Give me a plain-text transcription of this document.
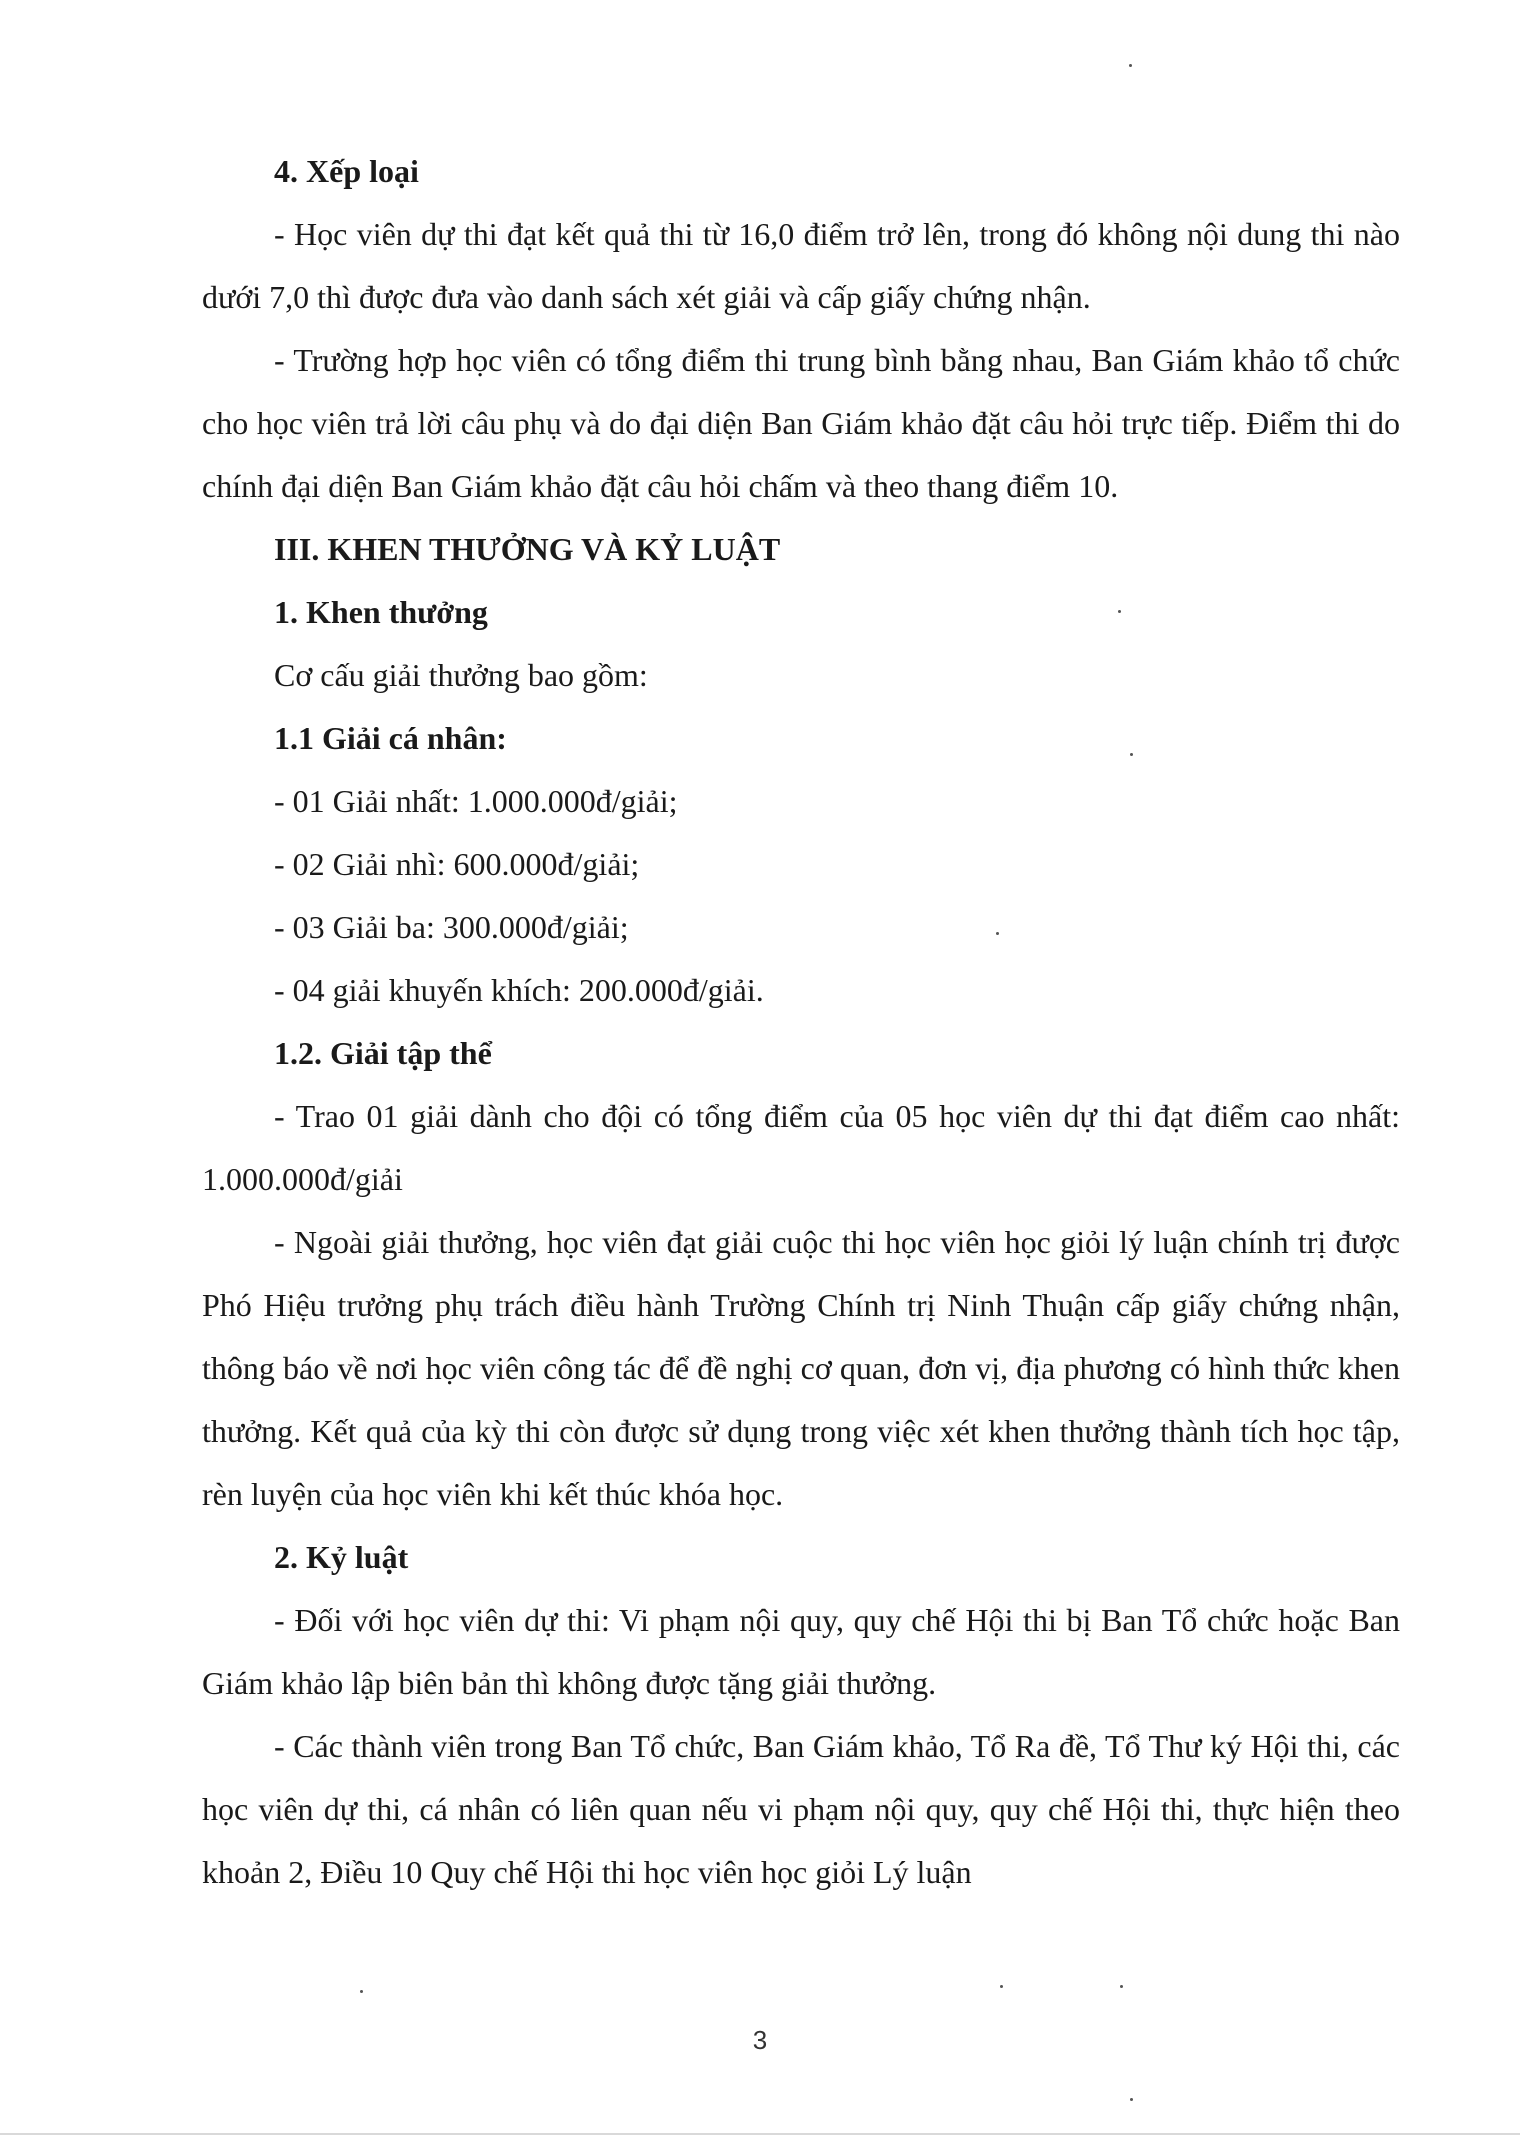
4. Xếp loại

- Học viên dự thi đạt kết quả thi từ 16,0 điểm trở lên, trong đó không nội dung thi nào dưới 7,0 thì được đưa vào danh sách xét giải và cấp giấy chứng nhận.

- Trường hợp học viên có tổng điểm thi trung bình bằng nhau, Ban Giám khảo tổ chức cho học viên trả lời câu phụ và do đại diện Ban Giám khảo đặt câu hỏi trực tiếp. Điểm thi do chính đại diện Ban Giám khảo đặt câu hỏi chấm và theo thang điểm 10.

III. KHEN THƯỞNG VÀ KỶ LUẬT

1. Khen thưởng

Cơ cấu giải thưởng bao gồm:

1.1 Giải cá nhân:

- 01 Giải nhất: 1.000.000đ/giải;

- 02 Giải nhì: 600.000đ/giải;

- 03 Giải ba: 300.000đ/giải;

- 04 giải khuyến khích: 200.000đ/giải.

1.2. Giải tập thể

- Trao 01 giải dành cho đội có tổng điểm của 05 học viên dự thi đạt điểm cao nhất: 1.000.000đ/giải

- Ngoài giải thưởng, học viên đạt giải cuộc thi học viên học giỏi lý luận chính trị được Phó Hiệu trưởng phụ trách điều hành Trường Chính trị Ninh Thuận cấp giấy chứng nhận, thông báo về nơi học viên công tác để đề nghị cơ quan, đơn vị, địa phương có hình thức khen thưởng. Kết quả của kỳ thi còn được sử dụng trong việc xét khen thưởng thành tích học tập, rèn luyện của học viên khi kết thúc khóa học.

2. Kỷ luật

- Đối với học viên dự thi: Vi phạm nội quy, quy chế Hội thi bị Ban Tổ chức hoặc Ban Giám khảo lập biên bản thì không được tặng giải thưởng.

- Các thành viên trong Ban Tổ chức, Ban Giám khảo, Tổ Ra đề, Tổ Thư ký Hội thi, các học viên dự thi, cá nhân có liên quan nếu vi phạm nội quy, quy chế Hội thi, thực hiện theo khoản 2, Điều 10 Quy chế Hội thi học viên học giỏi Lý luận

3
